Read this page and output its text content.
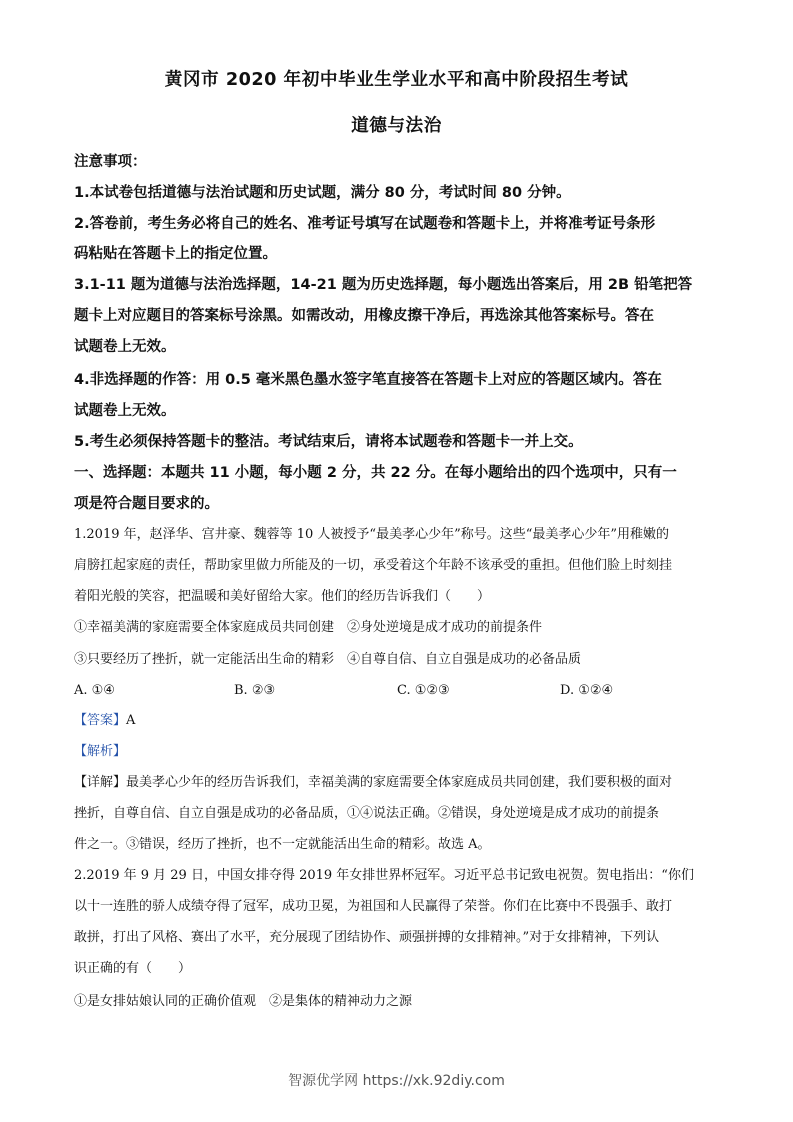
黄冈市 2020 年初中毕业生学业水平和高中阶段招生考试
道德与法治
注意事项：
1.本试卷包括道德与法治试题和历史试题，满分 80 分，考试时间 80 分钟。
2.答卷前，考生务必将自己的姓名、准考证号填写在试题卷和答题卡上，并将准考证号条形
码粘贴在答题卡上的指定位置。
3.1-11 题为道德与法治选择题，14-21 题为历史选择题，每小题选出答案后，用 2B 铅笔把答
题卡上对应题目的答案标号涂黑。如需改动，用橡皮擦干净后，再选涂其他答案标号。答在
试题卷上无效。
4.非选择题的作答：用 0.5 毫米黑色墨水签字笔直接答在答题卡上对应的答题区域内。答在
试题卷上无效。
5.考生必须保持答题卡的整洁。考试结束后，请将本试题卷和答题卡一并上交。
一、选择题：本题共 11 小题，每小题 2 分，共 22 分。在每小题给出的四个选项中，只有一
项是符合题目要求的。
1.2019 年，赵泽华、宫井豪、魏蓉等 10 人被授予“最美孝心少年”称号。这些“最美孝心少年”用稚嫩的
肩膀扛起家庭的责任，帮助家里做力所能及的一切，承受着这个年龄不该承受的重担。但他们脸上时刻挂
着阳光般的笑容，把温暖和美好留给大家。他们的经历告诉我们（　　）
①幸福美满的家庭需要全体家庭成员共同创建　②身处逆境是成才成功的前提条件
③只要经历了挫折，就一定能活出生命的精彩　④自尊自信、自立自强是成功的必备品质
A. ①④	B. ②③	C. ①②③	D. ①②④
【答案】A
【解析】
【详解】最美孝心少年的经历告诉我们，幸福美满的家庭需要全体家庭成员共同创建，我们要积极的面对
挫折，自尊自信、自立自强是成功的必备品质，①④说法正确。②错误，身处逆境是成才成功的前提条
件之一。③错误，经历了挫折，也不一定就能活出生命的精彩。故选 A。
2.2019 年 9 月 29 日，中国女排夺得 2019 年女排世界杯冠军。习近平总书记致电祝贺。贺电指出：“你们
以十一连胜的骄人成绩夺得了冠军，成功卫冕，为祖国和人民赢得了荣誉。你们在比赛中不畏强手、敢打
敢拼，打出了风格、赛出了水平，充分展现了团结协作、顽强拼搏的女排精神。”对于女排精神，下列认
识正确的有（　　）
①是女排姑娘认同的正确价值观　②是集体的精神动力之源
智源优学网 https://xk.92diy.com
